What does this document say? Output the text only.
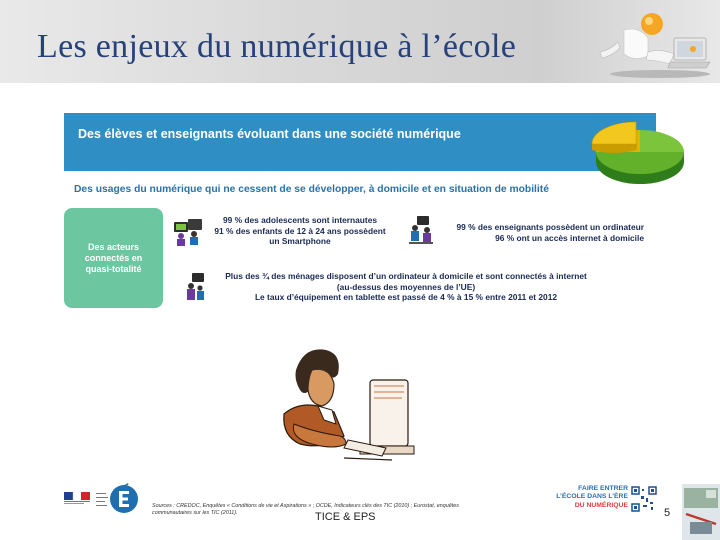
Les enjeux du numérique à l’école
Des élèves et enseignants évoluant dans une société numérique
Des usages du numérique qui ne cessent de se développer, à domicile et en situation de mobilité
Des acteurs
connectés en
quasi-totalité
99 % des adolescents sont internautes
91 % des enfants de 12 à 24 ans possèdent
un Smartphone
99 % des enseignants possèdent un ordinateur
96 % ont un accès internet à domicile
Plus des ¾ des ménages disposent d’un ordinateur à domicile et sont connectés à internet
(au-dessus des moyennes de l’UE)
Le taux d’équipement en tablette est passé de 4 % à 15 % entre 2011 et 2012
Sources : CREDOC, Enquêtes « Conditions de vie et Aspirations » ; OCDE, Indicateurs clés des TIC (2010) ; Eurostat, enquêtes
communautaires sur les TIC (2011).	TICE & EPS
FAIRE ENTRER
L’ÉCOLE DANS L’ÈRE
DU NUMÉRIQUE
5
